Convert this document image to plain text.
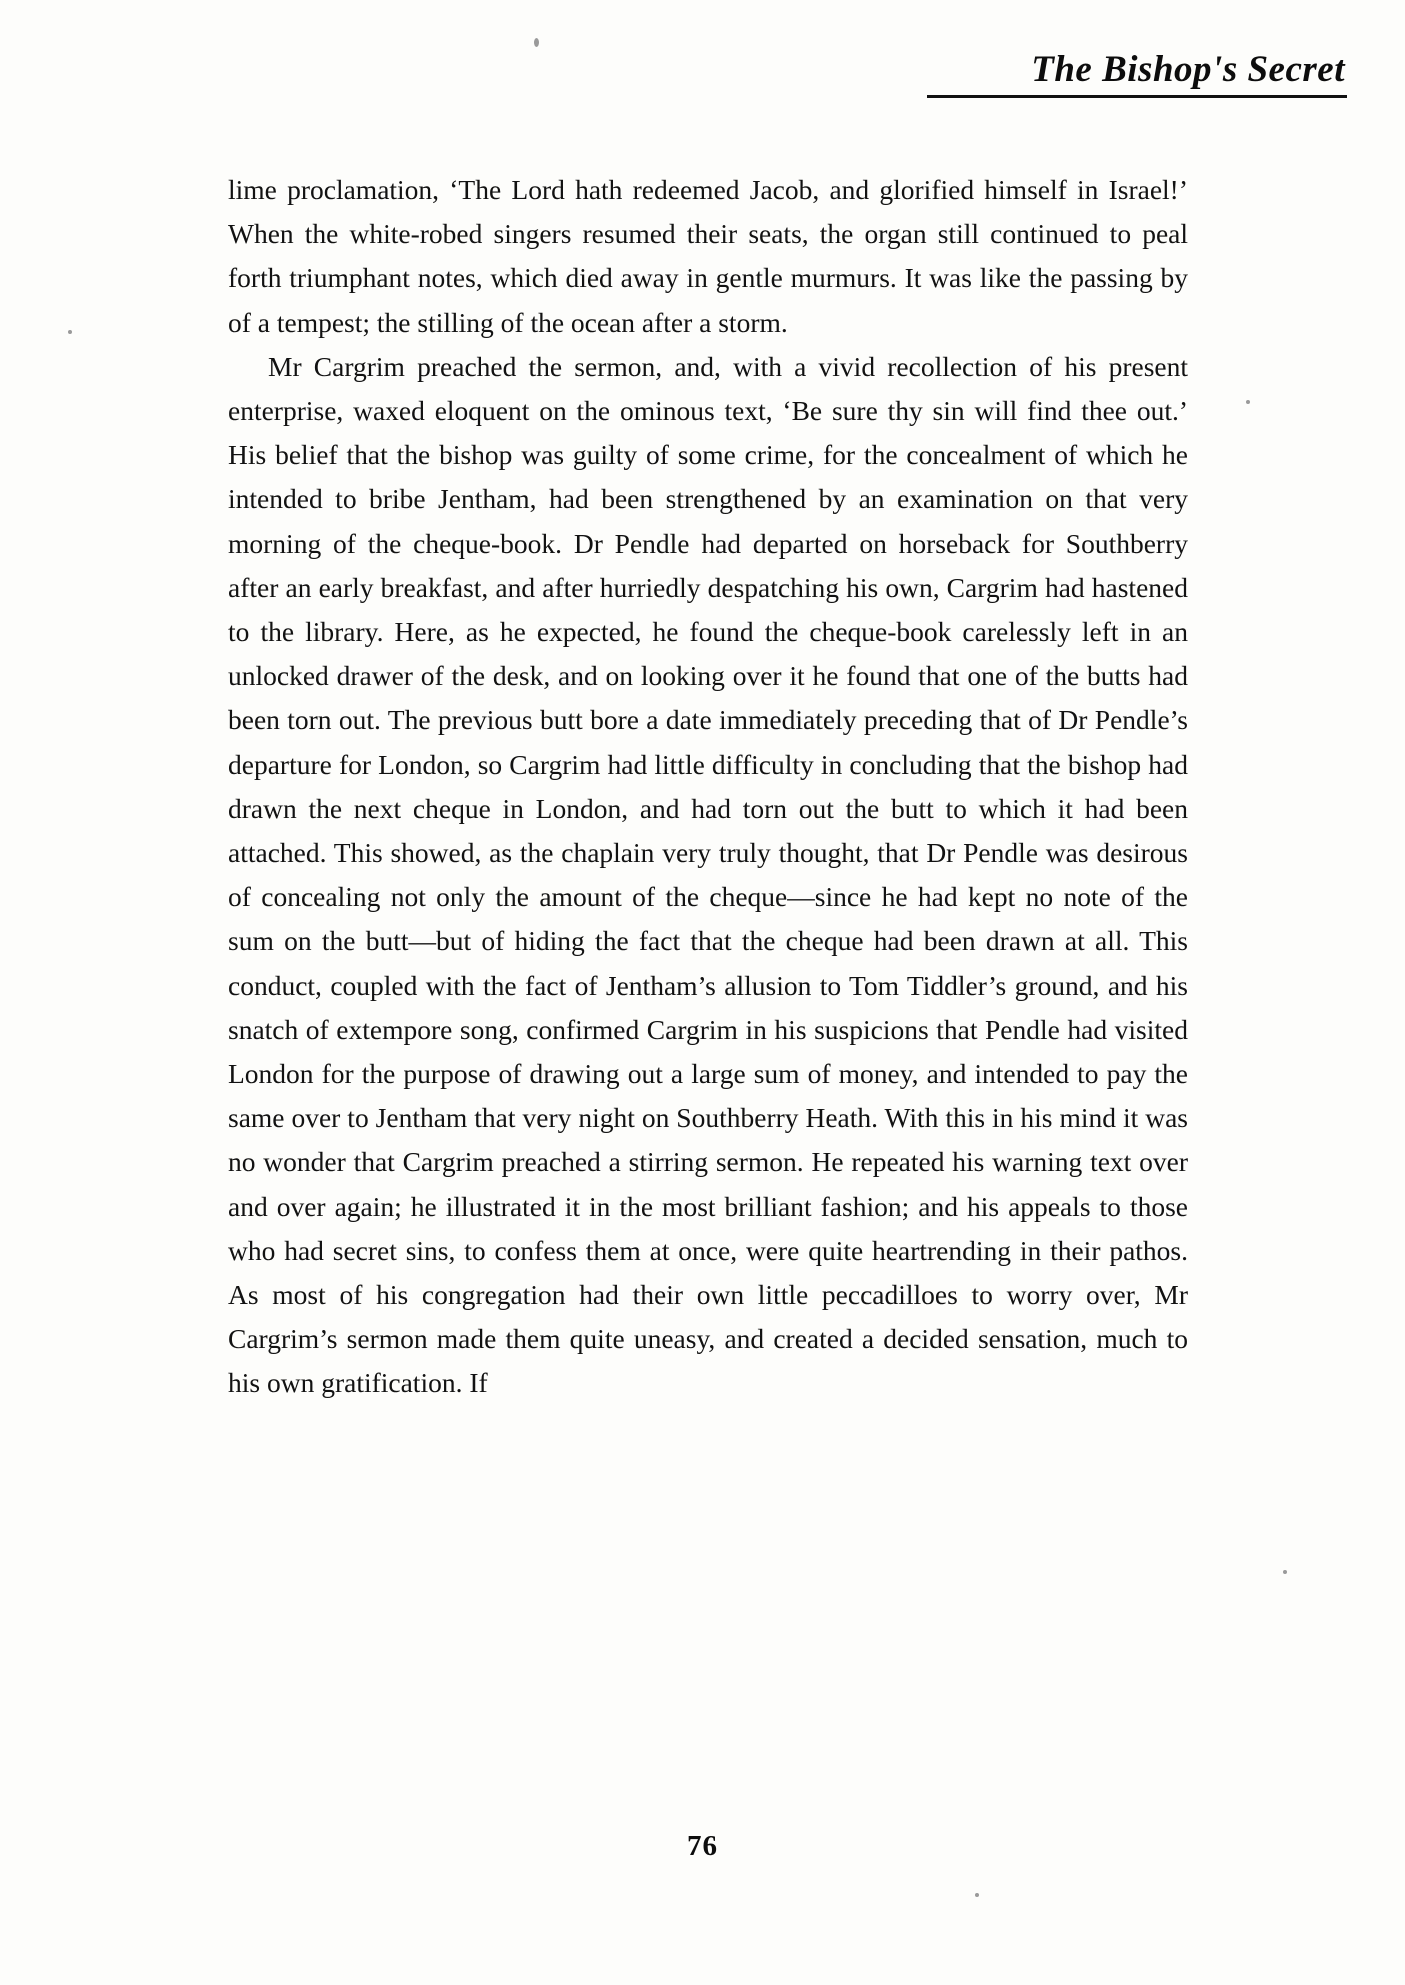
The Bishop's Secret

lime proclamation, ‘The Lord hath redeemed Jacob, and glorified himself in Israel!’ When the white-robed singers resumed their seats, the organ still continued to peal forth triumphant notes, which died away in gentle murmurs. It was like the passing by of a tempest; the stilling of the ocean after a storm.

Mr Cargrim preached the sermon, and, with a vivid recollection of his present enterprise, waxed eloquent on the ominous text, ‘Be sure thy sin will find thee out.’ His belief that the bishop was guilty of some crime, for the concealment of which he intended to bribe Jentham, had been strengthened by an examination on that very morning of the cheque-book. Dr Pendle had departed on horseback for Southberry after an early breakfast, and after hurriedly despatching his own, Cargrim had hastened to the library. Here, as he expected, he found the cheque-book carelessly left in an unlocked drawer of the desk, and on looking over it he found that one of the butts had been torn out. The previous butt bore a date immediately preceding that of Dr Pendle’s departure for London, so Cargrim had little difficulty in concluding that the bishop had drawn the next cheque in London, and had torn out the butt to which it had been attached. This showed, as the chaplain very truly thought, that Dr Pendle was desirous of concealing not only the amount of the cheque—since he had kept no note of the sum on the butt—but of hiding the fact that the cheque had been drawn at all. This conduct, coupled with the fact of Jentham’s allusion to Tom Tiddler’s ground, and his snatch of extempore song, confirmed Cargrim in his suspicions that Pendle had visited London for the purpose of drawing out a large sum of money, and intended to pay the same over to Jentham that very night on Southberry Heath. With this in his mind it was no wonder that Cargrim preached a stirring sermon. He repeated his warning text over and over again; he illustrated it in the most brilliant fashion; and his appeals to those who had secret sins, to confess them at once, were quite heartrending in their pathos. As most of his congregation had their own little peccadilloes to worry over, Mr Cargrim’s sermon made them quite uneasy, and created a decided sensation, much to his own gratification. If

76
